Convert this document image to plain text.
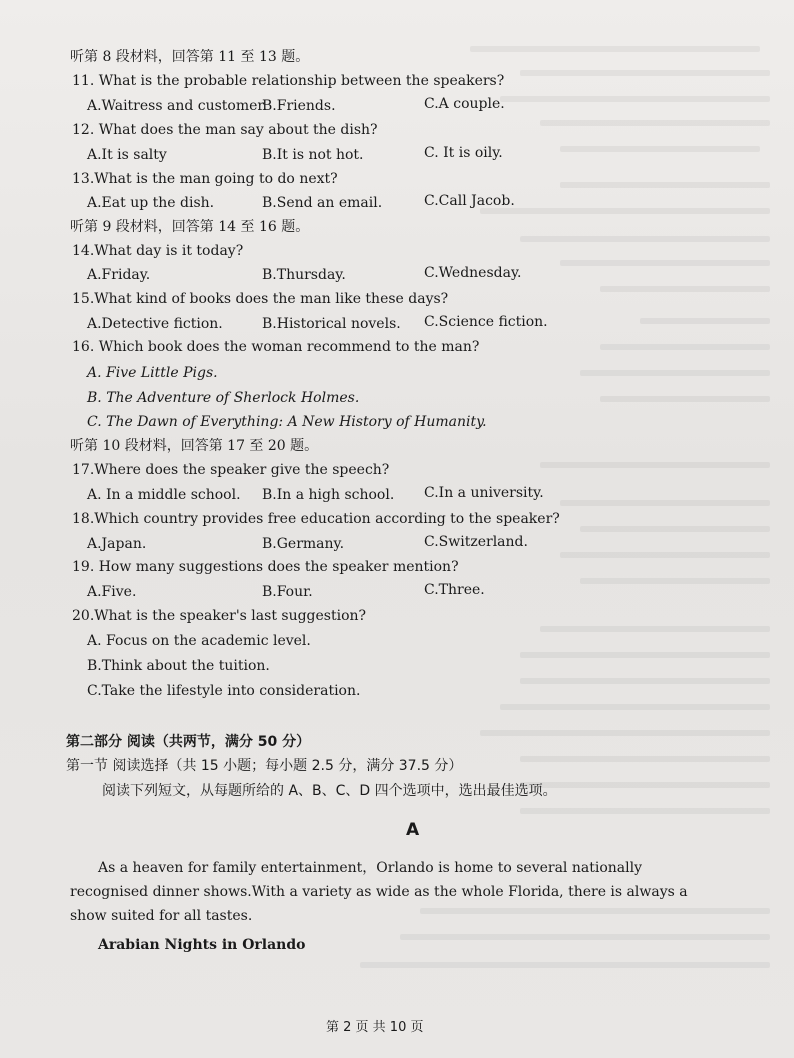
听第 8 段材料，回答第 11 至 13 题。
11. What is the probable relationship between the speakers?
A.Waitress and customer.
B.Friends.	C.A couple.
12. What does the man say about the dish?
A.It is salty	B.It is not hot.	C. It is oily.
13.What is the man going to do next?
A.Eat up the dish.	B.Send an email.	C.Call Jacob.
听第 9 段材料，回答第 14 至 16 题。
14.What day is it today?
A.Friday.	B.Thursday.	C.Wednesday.
15.What kind of books does the man like these days?
A.Detective fiction.	B.Historical novels. C.Science fiction.
16. Which book does the woman recommend to the man?
A. Five Little Pigs.
B. The Adventure of Sherlock Holmes.
C. The Dawn of Everything: A New History of Humanity.
听第 10 段材料，回答第 17 至 20 题。
17.Where does the speaker give the speech?
A. In a middle school. B.In a high school. C.In a university.
18.Which country provides free education according to the speaker?
A.Japan.	B.Germany.	C.Switzerland.
19. How many suggestions does the speaker mention?
A.Five.	B.Four.	C.Three.
20.What is the speaker's last suggestion?
A. Focus on the academic level.
B.Think about the tuition.
C.Take the lifestyle into consideration.
第二部分 阅读（共两节，满分 50 分）
第一节 阅读选择（共 15 小题；每小题 2.5 分，满分 37.5 分）
阅读下列短文，从每题所给的 A、B、C、D 四个选项中，选出最佳选项。
A
As a heaven for family entertainment，Orlando is home to several nationally recognised dinner shows.With a variety as wide as the whole Florida, there is always a show suited for all tastes.
Arabian Nights in Orlando
第 2 页 共 10 页
